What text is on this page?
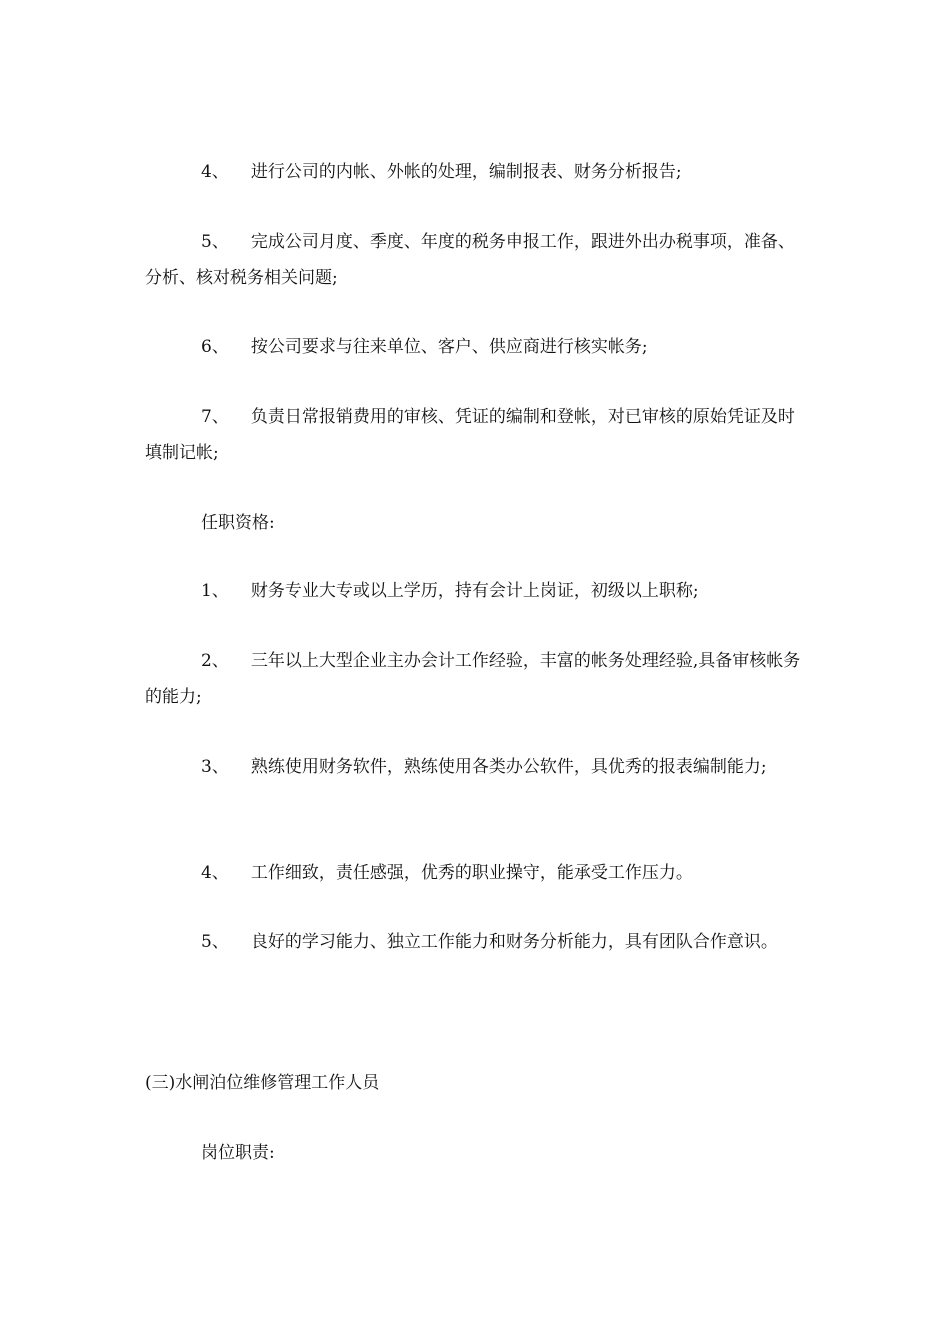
4、 进行公司的内帐、外帐的处理，编制报表、财务分析报告;

5、 完成公司月度、季度、年度的税务申报工作，跟进外出办税事项，准备、分析、核对税务相关问题;

6、 按公司要求与往来单位、客户、供应商进行核实帐务;

7、 负责日常报销费用的审核、凭证的编制和登帐，对已审核的原始凭证及时填制记帐;

任职资格:

1、 财务专业大专或以上学历，持有会计上岗证，初级以上职称;

2、 三年以上大型企业主办会计工作经验，丰富的帐务处理经验,具备审核帐务的能力;

3、 熟练使用财务软件，熟练使用各类办公软件，具优秀的报表编制能力;

4、 工作细致，责任感强，优秀的职业操守，能承受工作压力。

5、 良好的学习能力、独立工作能力和财务分析能力，具有团队合作意识。

(三)水闸泊位维修管理工作人员

岗位职责:
